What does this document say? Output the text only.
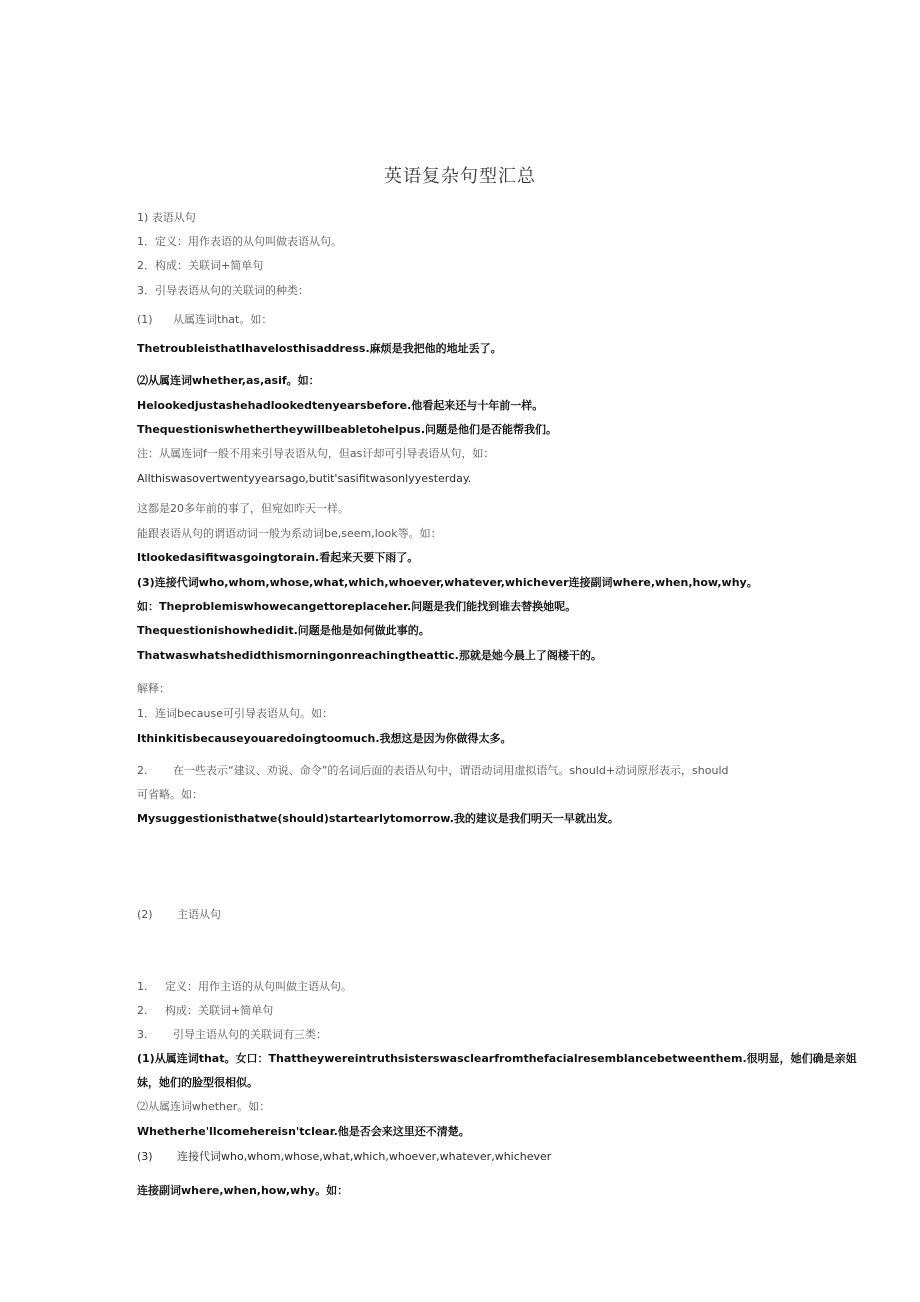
英语复杂句型汇总
1) 表语从句
1．定义：用作表语的从句叫做表语从句。
2．构成：关联词+简单句
3．引导表语从句的关联词的种类：
(1) 从属连词that。如：
ThetroubleisthatIhavelosthisaddress.麻烦是我把他的地址丢了。
⑵从属连词whether,as,asif。如：
Helookedjustashehadlookedtenyearsbefore.他看起来还与十年前一样。
Thequestioniswhethertheywillbeabletohelpus.问题是他们是否能帮我们。
注：从属连词f一般不用来引导表语从句，但as讦却可引导表语从句，如：
Allthiswasovertwentyyearsago,butit'sasifitwasonlyyesterday.
这都是20多年前的事了，但宛如昨天一样。
能跟表语从句的谓语动词一般为系动词be,seem,look等。如：
Itlookedasifitwasgoingtorain.看起来天要下雨了。
(3)连接代词who,whom,whose,what,which,whoever,whatever,whichever连接副词where,when,how,why。
如：Theproblemiswhowecangettoreplaceher.问题是我们能找到谁去替换她呢。
Thequestionishowhedidit.问题是他是如何做此事的。
Thatwaswhatshedidthismorningonreachingtheattic.那就是她今晨上了阁楼干的。
解释：
1．连词because可引导表语从句。如：
Ithinkitisbecauseyouaredoingtoomuch.我想这是因为你做得太多。
2. 在一些表示“建议、劝说、命令”的名词后面的表语从句中，谓语动词用虚拟语气。should+动词原形表示，should
可省略。如：
Mysuggestionisthatwe(should)startearlytomorrow.我的建议是我们明天一早就出发。
(2) 主语从句
1. 定义：用作主语的从句叫做主语从句。
2. 构成：关联词+简单句
3. 引导主语从句的关联词有三类：
(1)从属连词that。女口：Thattheywereintruthsisterswasclearfromthefacialresemblancebetweenthem.很明显，她们确是亲姐
妹，她们的脸型很相似。
⑵从属连词whether。如：
Whetherhe'llcomehereisn'tclear.他是否会来这里还不清楚。
(3) 连接代词who,whom,whose,what,which,whoever,whatever,whichever
连接副词where,when,how,why。如：
